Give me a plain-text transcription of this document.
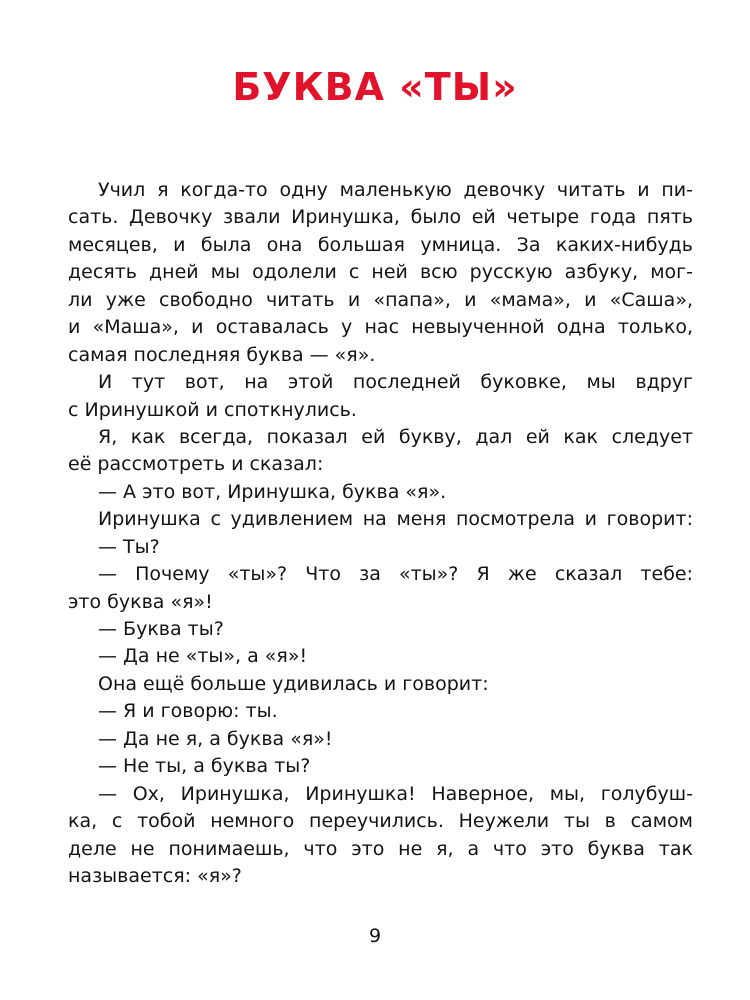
БУКВА «ТЫ»
Учил я когда-то одну маленькую девочку читать и пи-
сать. Девочку звали Иринушка, было ей четыре года пять
месяцев, и была она большая умница. За каких-нибудь
десять дней мы одолели с ней всю русскую азбуку, мог-
ли уже свободно читать и «папа», и «мама», и «Саша»,
и «Маша», и оставалась у нас невыученной одна только,
самая последняя буква — «я».
И тут вот, на этой последней буковке, мы вдруг
с Иринушкой и споткнулись.
Я, как всегда, показал ей букву, дал ей как следует
её рассмотреть и сказал:
— А это вот, Иринушка, буква «я».
Иринушка с удивлением на меня посмотрела и говорит:
— Ты?
— Почему «ты»? Что за «ты»? Я же сказал тебе:
это буква «я»!
— Буква ты?
— Да не «ты», а «я»!
Она ещё больше удивилась и говорит:
— Я и говорю: ты.
— Да не я, а буква «я»!
— Не ты, а буква ты?
— Ох, Иринушка, Иринушка! Наверное, мы, голубуш-
ка, с тобой немного переучились. Неужели ты в самом
деле не понимаешь, что это не я, а что это буква так
называется: «я»?
9
